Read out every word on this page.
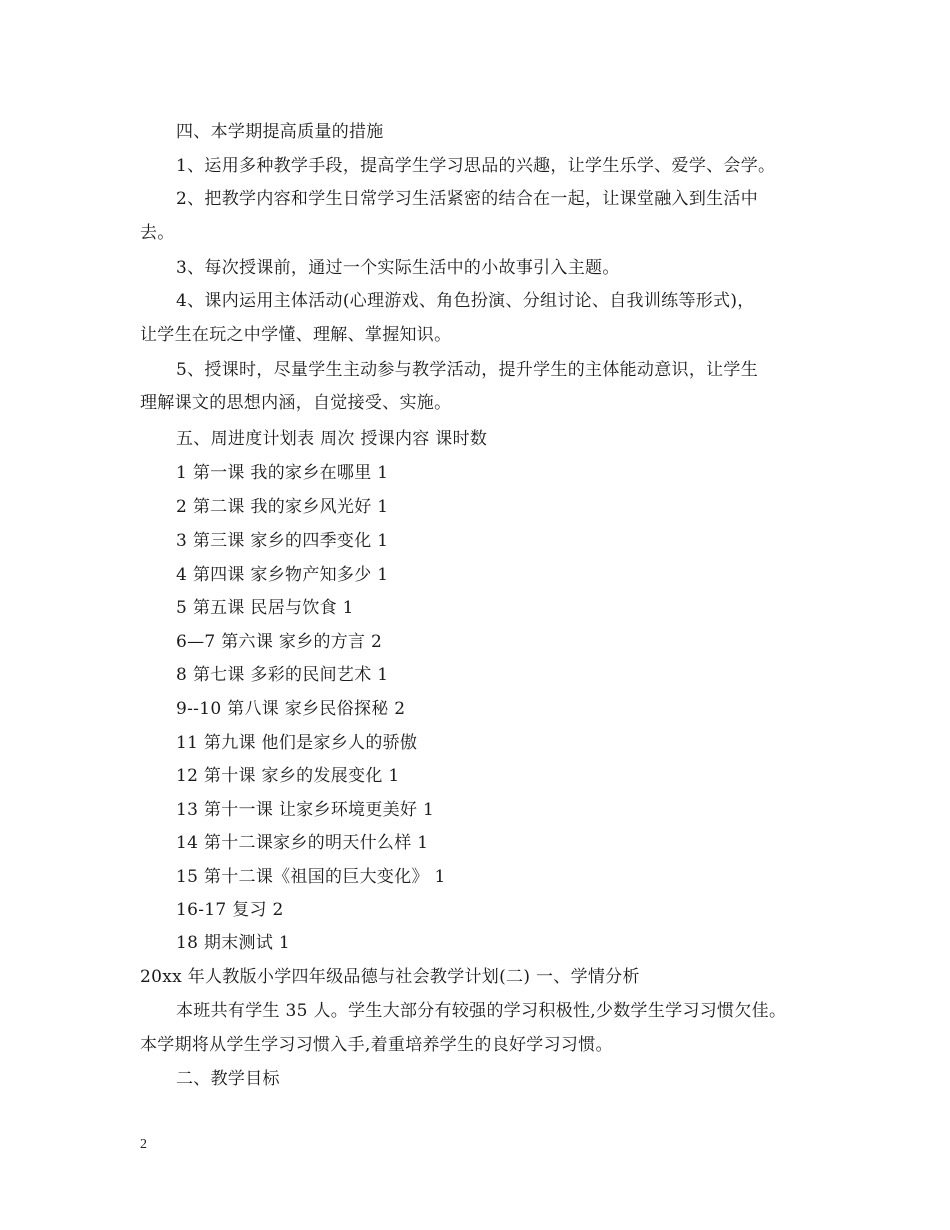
四、本学期提高质量的措施
1、运用多种教学手段，提高学生学习思品的兴趣，让学生乐学、爱学、会学。
2、把教学内容和学生日常学习生活紧密的结合在一起，让课堂融入到生活中
去。
3、每次授课前，通过一个实际生活中的小故事引入主题。
4、课内运用主体活动(心理游戏、角色扮演、分组讨论、自我训练等形式)，
让学生在玩之中学懂、理解、掌握知识。
5、授课时，尽量学生主动参与教学活动，提升学生的主体能动意识，让学生
理解课文的思想内涵，自觉接受、实施。
五、周进度计划表 周次 授课内容 课时数
1 第一课 我的家乡在哪里 1
2 第二课 我的家乡风光好 1
3 第三课 家乡的四季变化 1
4 第四课 家乡物产知多少 1
5 第五课 民居与饮食 1
6—7 第六课 家乡的方言 2
8 第七课 多彩的民间艺术 1
9--10 第八课 家乡民俗探秘 2
11 第九课 他们是家乡人的骄傲
12 第十课 家乡的发展变化 1
13 第十一课 让家乡环境更美好 1
14 第十二课家乡的明天什么样 1
15 第十二课《祖国的巨大变化》 1
16-17 复习 2
18 期末测试 1
20xx 年人教版小学四年级品德与社会教学计划(二) 一、学情分析
本班共有学生 35 人。学生大部分有较强的学习积极性,少数学生学习习惯欠佳。
本学期将从学生学习习惯入手,着重培养学生的良好学习习惯。
二、教学目标
2
